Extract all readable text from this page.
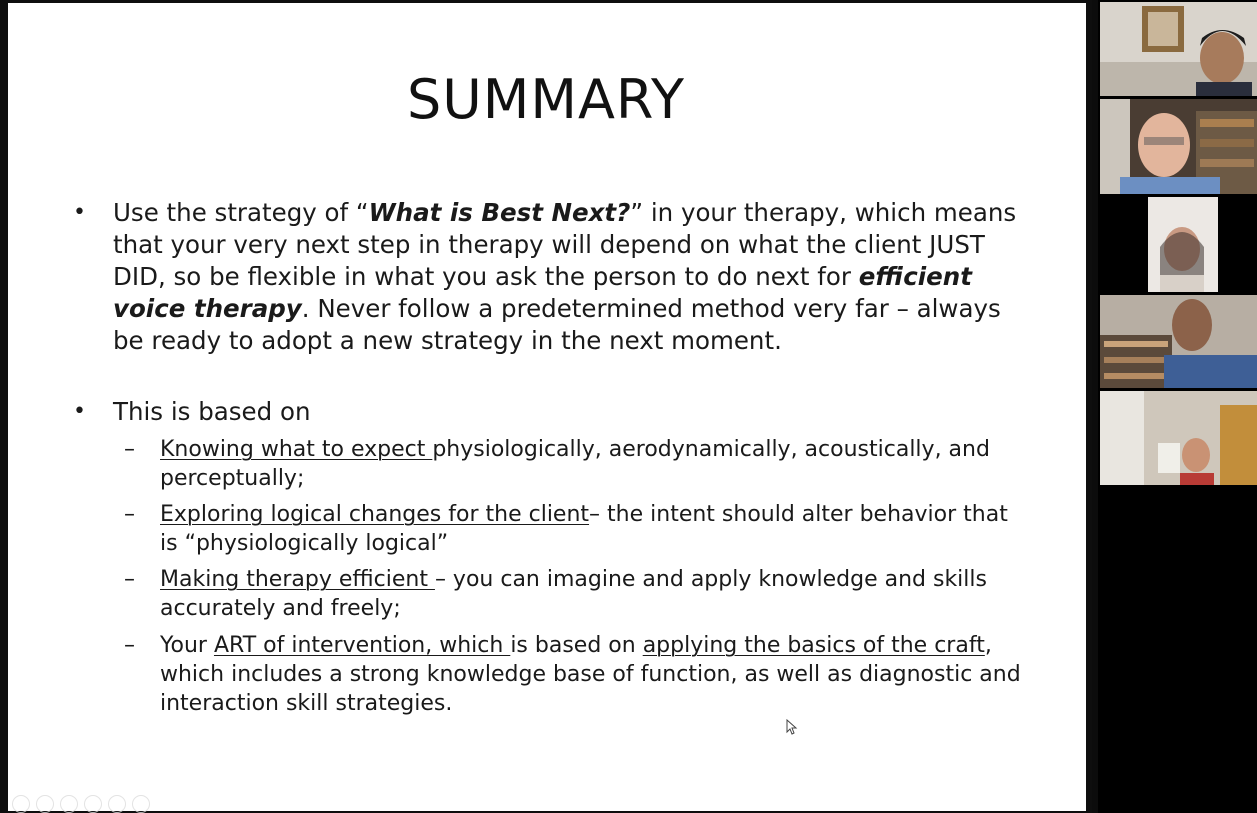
SUMMARY
• Use the strategy of “What is Best Next?” in your therapy, which means that your very next step in therapy will depend on what the client JUST DID, so be flexible in what you ask the person to do next for efficient voice therapy. Never follow a predetermined method very far – always be ready to adopt a new strategy in the next moment.
• This is based on
– Knowing what to expect physiologically, aerodynamically, acoustically, and perceptually;
– Exploring logical changes for the client– the intent should alter behavior that is “physiologically logical”
– Making therapy efficient – you can imagine and apply knowledge and skills accurately and freely;
– Your ART of intervention, which is based on applying the basics of the craft, which includes a strong knowledge base of function, as well as diagnostic and interaction skill strategies.
